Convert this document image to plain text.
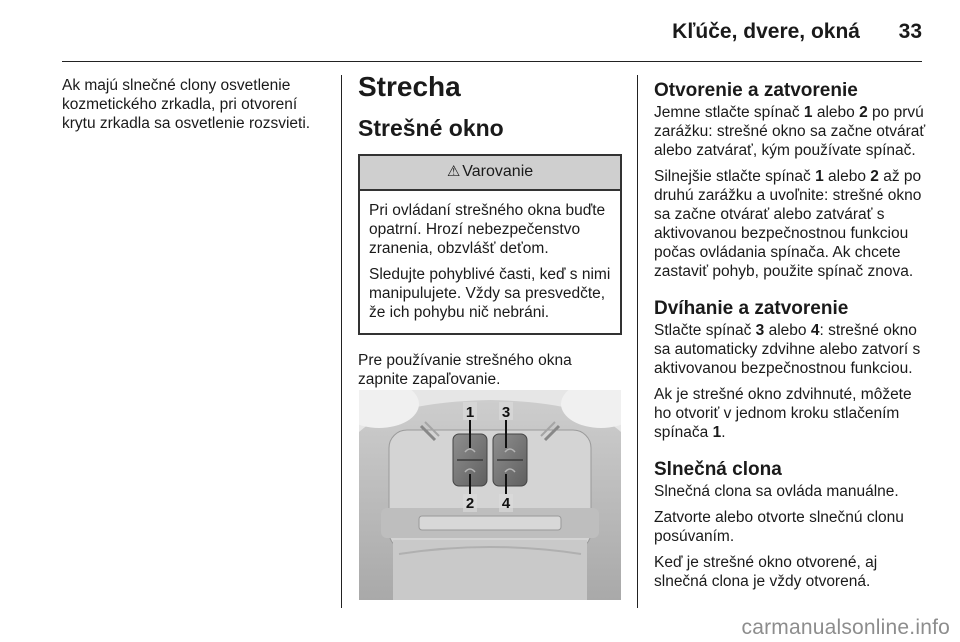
Kľúče, dvere, okná	33

Ak majú slnečné clony osvetlenie kozmetického zrkadla, pri otvorení krytu zrkadla sa osvetlenie rozsvieti.

Strecha
Strešné okno
⚠ Varovanie

Pri ovládaní strešného okna buďte opatrní. Hrozí nebezpečenstvo zranenia, obzvlášť deťom.

Sledujte pohyblivé časti, keď s nimi manipulujete. Vždy sa presvedčte, že ich pohybu nič nebráni.

Pre používanie strešného okna zapnite zapaľovanie.

1 3
2 4
Otvorenie a zatvorenie

Jemne stlačte spínač 1 alebo 2 po prvú zarážku: strešné okno sa začne otvárať alebo zatvárať, kým používate spínač.

Silnejšie stlačte spínač 1 alebo 2 až po druhú zarážku a uvoľnite: strešné okno sa začne otvárať alebo zatvárať s aktivovanou bezpečnostnou funkciou počas ovládania spínača. Ak chcete zastaviť pohyb, použite spínač znova.

Dvíhanie a zatvorenie

Stlačte spínač 3 alebo 4: strešné okno sa automaticky zdvihne alebo zatvorí s aktivovanou bezpečnostnou funkciou.

Ak je strešné okno zdvihnuté, môžete ho otvoriť v jednom kroku stlačením spínača 1.

Slnečná clona

Slnečná clona sa ovláda manuálne.

Zatvorte alebo otvorte slnečnú clonu posúvaním.

Keď je strešné okno otvorené, aj slnečná clona je vždy otvorená.

carmanualsonline.info
